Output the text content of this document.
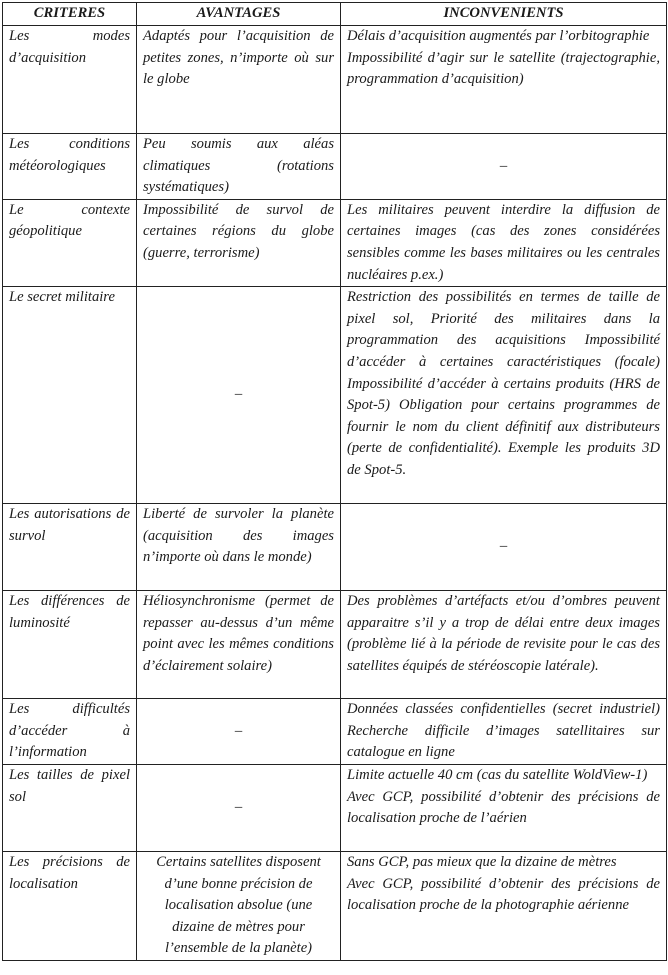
CRITERES	AVANTAGES	INCONVENIENTS
Les modes d’acquisition	Adaptés pour l’acquisition de petites zones, n’importe où sur le globe	Délais d’acquisition augmentés par l’orbitographie
Impossibilité d’agir sur le satellite (trajectographie, programmation d’acquisition)

Les conditions météorologiques	Peu soumis aux aléas climatiques (rotations systématiques)	–
Le contexte géopolitique	Impossibilité de survol de certaines régions du globe (guerre, terrorisme)	Les militaires peuvent interdire la diffusion de certaines images (cas des zones considérées sensibles comme les bases militaires ou les centrales nucléaires p.ex.)

Le secret militaire	–	Restriction des possibilités en termes de taille de pixel sol, Priorité des militaires dans la programmation des acquisitions Impossibilité d’accéder à certaines caractéristiques (focale) Impossibilité d’accéder à certains produits (HRS de Spot-5) Obligation pour certains programmes de fournir le nom du client définitif aux distributeurs (perte de confidentialité). Exemple les produits 3D de Spot-5.

Les autorisations de survol	Liberté de survoler la planète (acquisition des images n’importe où dans le monde)	–
Les différences de luminosité	Héliosynchronisme (permet de repasser au-dessus d’un même point avec les mêmes conditions d’éclairement solaire)	Des problèmes d’artéfacts et/ou d’ombres peuvent apparaitre s’il y a trop de délai entre deux images (problème lié à la période de revisite pour le cas des satellites équipés de stéréoscopie latérale).

Les difficultés d’accéder à l’information	–	Données classées confidentielles (secret industriel) Recherche difficile d’images satellitaires sur catalogue en ligne

Les tailles de pixel sol	–	Limite actuelle 40 cm (cas du satellite WoldView-1)
Avec GCP, possibilité d’obtenir des précisions de localisation proche de l’aérien

Les précisions de localisation	Certains satellites disposent d’une bonne précision de localisation absolue (une dizaine de mètres pour l’ensemble de la planète)	Sans GCP, pas mieux que la dizaine de mètres
Avec GCP, possibilité d’obtenir des précisions de localisation proche de la photographie aérienne
